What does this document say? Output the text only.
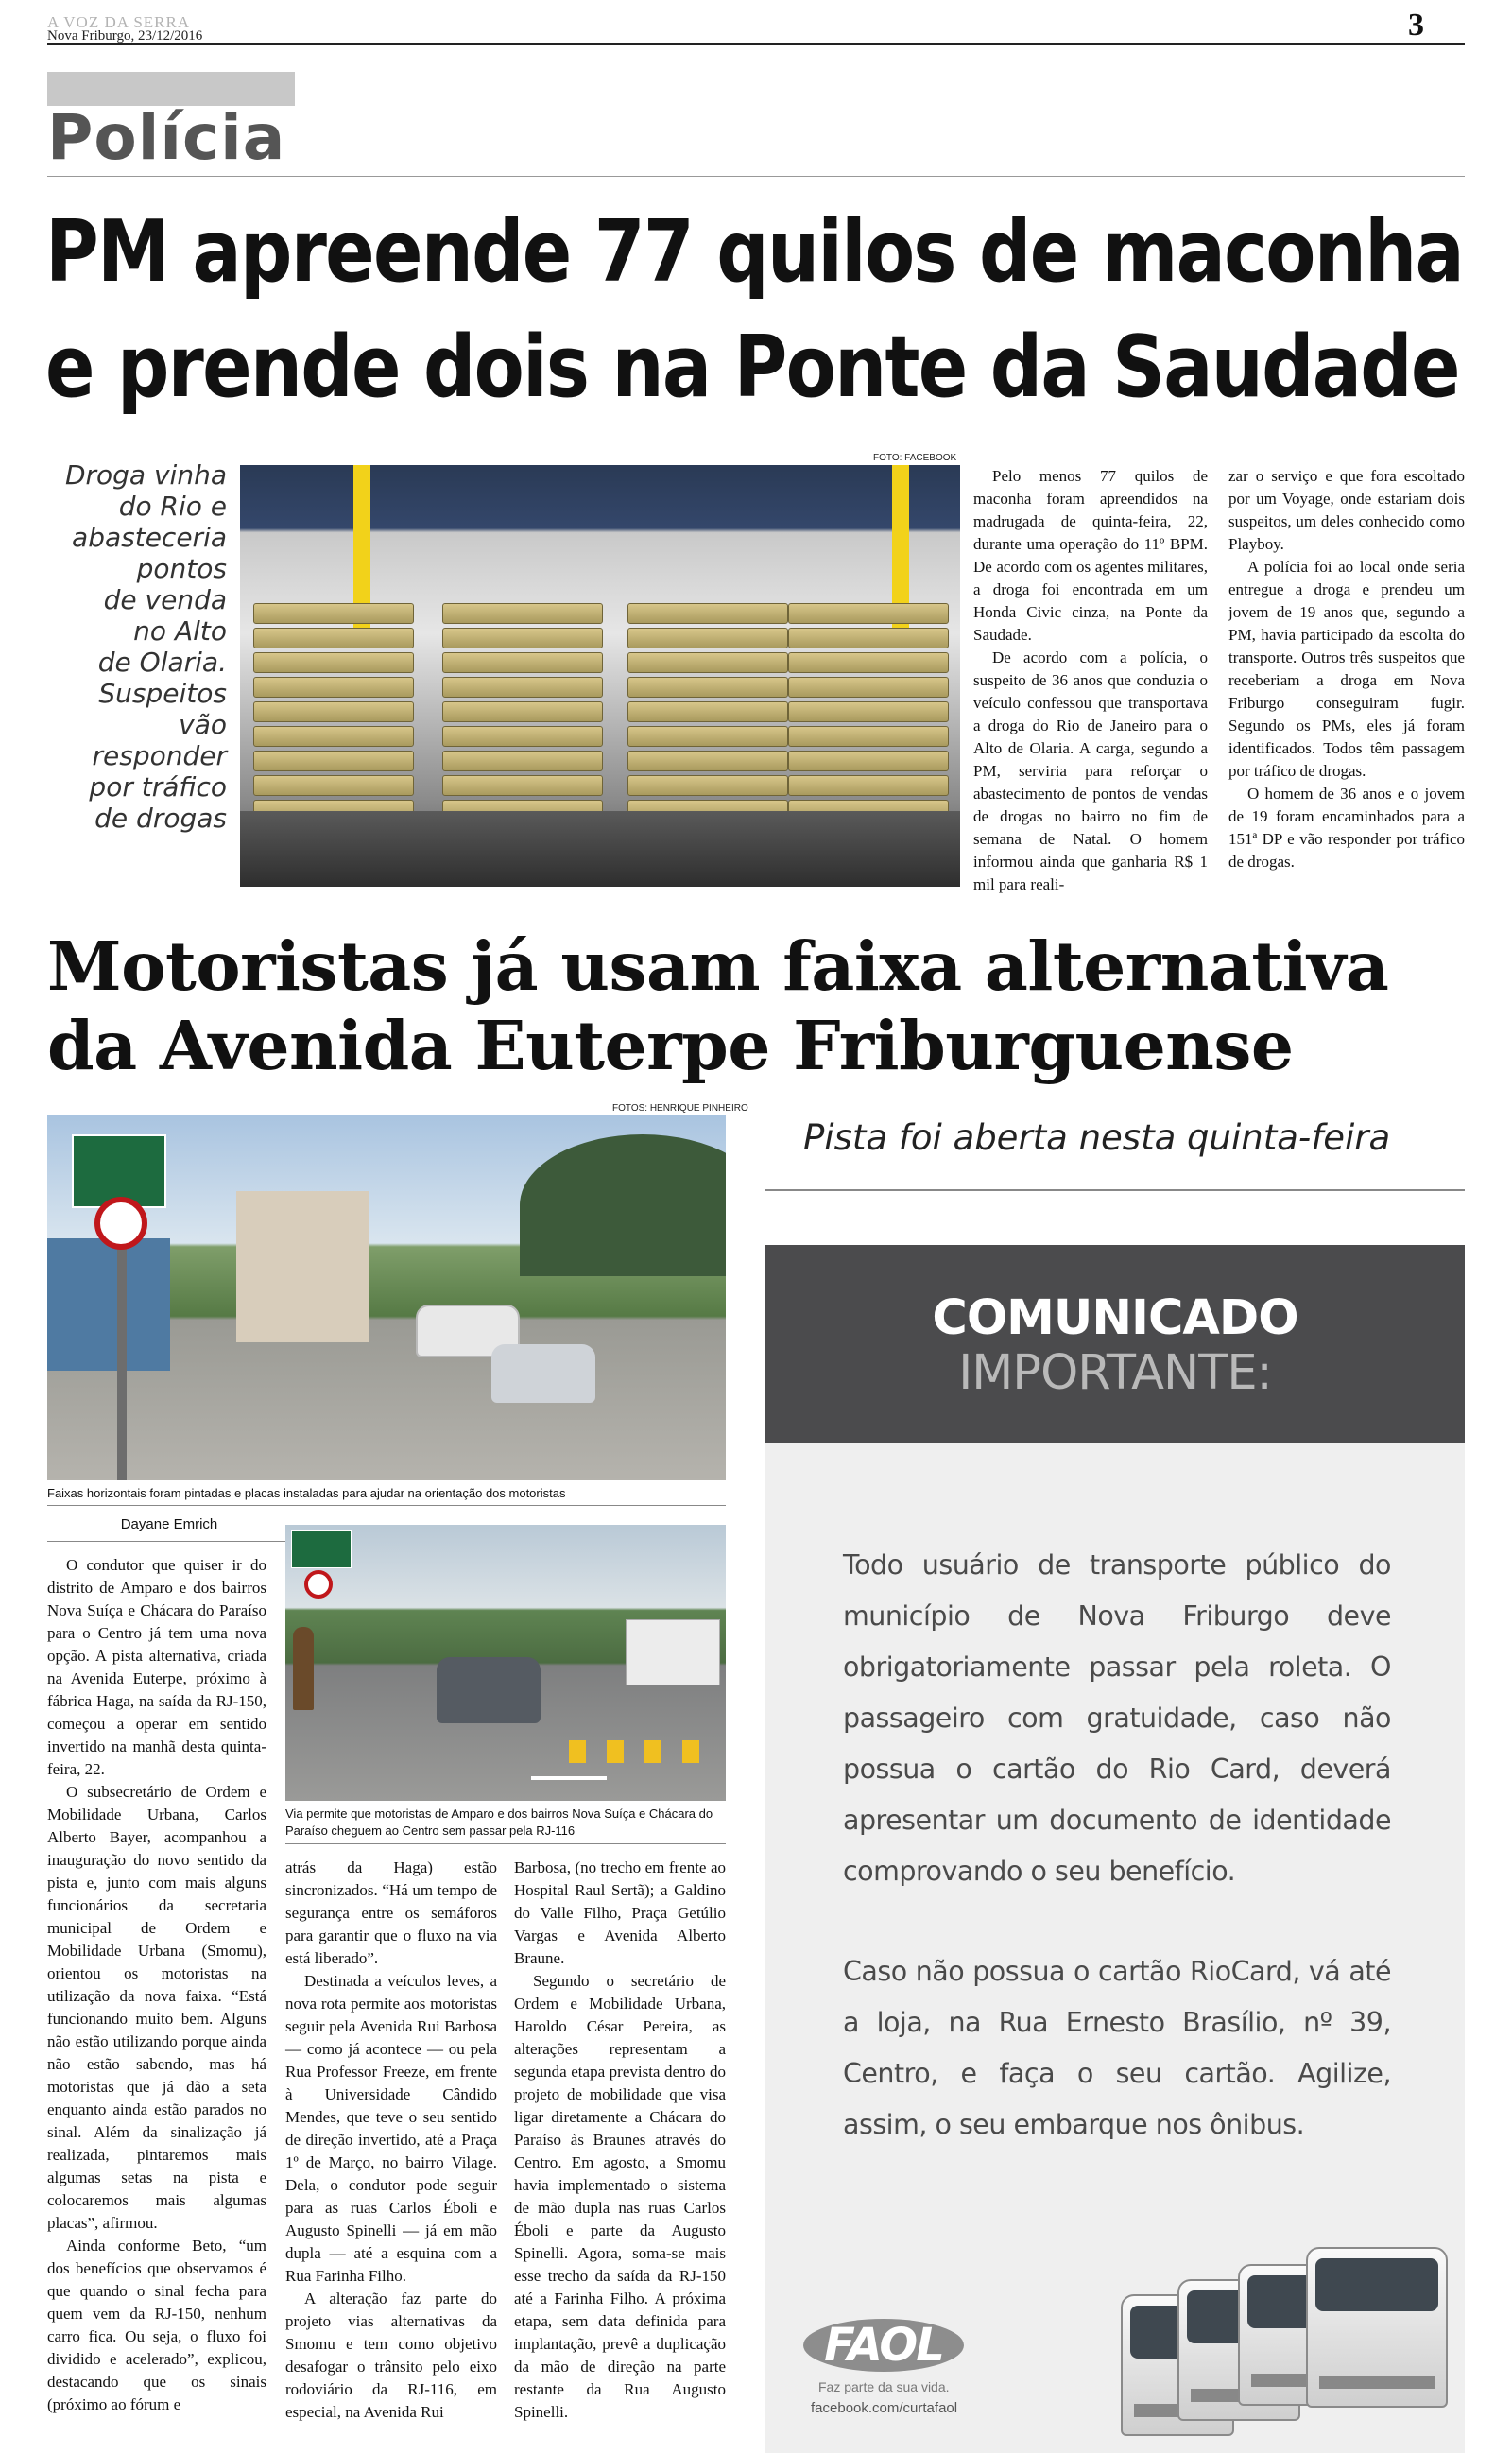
A VOZ DA SERRA
Nova Friburgo, 23/12/2016	3
Polícia
PM apreende 77 quilos de maconha
e prende dois na Ponte da Saudade
Droga vinha
do Rio e
abasteceria
pontos
de venda
no Alto
de Olaria.
Suspeitos vão
responder
por tráfico
de drogas
FOTO: FACEBOOK

Pelo menos 77 quilos de maconha foram apreendidos na madrugada de quinta-feira, 22, durante uma operação do 11º BPM. De acordo com os agentes militares, a droga foi encontrada em um Honda Civic cinza, na Ponte da Saudade.

De acordo com a polícia, o suspeito de 36 anos que conduzia o veículo confessou que transportava a droga do Rio de Janeiro para o Alto de Olaria. A carga, segundo a PM, serviria para reforçar o abastecimento de pontos de vendas de drogas no bairro no fim de semana de Natal. O homem informou ainda que ganharia R$ 1 mil para reali-

zar o serviço e que fora escoltado por um Voyage, onde estariam dois suspeitos, um deles conhecido como Playboy.

A polícia foi ao local onde seria entregue a droga e prendeu um jovem de 19 anos que, segundo a PM, havia participado da escolta do transporte. Outros três suspeitos que receberiam a droga em Nova Friburgo conseguiram fugir. Segundo os PMs, eles já foram identificados. Todos têm passagem por tráfico de drogas.

O homem de 36 anos e o jovem de 19 foram encaminhados para a 151ª DP e vão responder por tráfico de drogas.

Motoristas já usam faixa alternativa
da Avenida Euterpe Friburguense
FOTOS: HENRIQUE PINHEIRO
Faixas horizontais foram pintadas e placas instaladas para ajudar na orientação dos motoristas
Dayane Emrich
Via permite que motoristas de Amparo e dos bairros Nova Suíça e Chácara do Paraíso cheguem ao Centro sem passar pela RJ-116

O condutor que quiser ir do distrito de Amparo e dos bairros Nova Suíça e Chácara do Paraíso para o Centro já tem uma nova opção. A pista alternativa, criada na Avenida Euterpe, próximo à fábrica Haga, na saída da RJ-150, começou a operar em sentido invertido na manhã desta quinta-feira, 22.

O subsecretário de Ordem e Mobilidade Urbana, Carlos Alberto Bayer, acompanhou a inauguração do novo sentido da pista e, junto com mais alguns funcionários da secretaria municipal de Ordem e Mobilidade Urbana (Smomu), orientou os motoristas na utilização da nova faixa. “Está funcionando muito bem. Alguns não estão utilizando porque ainda não estão sabendo, mas há motoristas que já dão a seta enquanto ainda estão parados no sinal. Além da sinalização já realizada, pintaremos mais algumas setas na pista e colocaremos mais algumas placas”, afirmou.

Ainda conforme Beto, “um dos benefícios que observamos é que quando o sinal fecha para quem vem da RJ-150, nenhum carro fica. Ou seja, o fluxo foi dividido e acelerado”, explicou, destacando que os sinais (próximo ao fórum e

atrás da Haga) estão sincronizados. “Há um tempo de segurança entre os semáforos para garantir que o fluxo na via está liberado”.

Destinada a veículos leves, a nova rota permite aos motoristas seguir pela Avenida Rui Barbosa — como já acontece — ou pela Rua Professor Freeze, em frente à Universidade Cândido Mendes, que teve o seu sentido de direção invertido, até a Praça 1º de Março, no bairro Vilage. Dela, o condutor pode seguir para as ruas Carlos Éboli e Augusto Spinelli — já em mão dupla — até a esquina com a Rua Farinha Filho.

A alteração faz parte do projeto vias alternativas da Smomu e tem como objetivo desafogar o trânsito pelo eixo rodoviário da RJ-116, em especial, na Avenida Rui

Barbosa, (no trecho em frente ao Hospital Raul Sertã); a Galdino do Valle Filho, Praça Getúlio Vargas e Avenida Alberto Braune.

Segundo o secretário de Ordem e Mobilidade Urbana, Haroldo César Pereira, as alterações representam a segunda etapa prevista dentro do projeto de mobilidade que visa ligar diretamente a Chácara do Paraíso às Braunes através do Centro. Em agosto, a Smomu havia implementado o sistema de mão dupla nas ruas Carlos Éboli e parte da Augusto Spinelli. Agora, soma-se mais esse trecho da saída da RJ-150 até a Farinha Filho. A próxima etapa, sem data definida para implantação, prevê a duplicação da mão de direção na parte restante da Rua Augusto Spinelli.

Pista foi aberta nesta quinta-feira
COMUNICADO
IMPORTANTE:
Todo usuário de transporte público do município de Nova Friburgo deve obrigatoriamente passar pela roleta. O passageiro com gratuidade, caso não possua o cartão do Rio Card, deverá apresentar um documento de identidade comprovando o seu benefício.
Caso não possua o cartão RioCard, vá até a loja, na Rua Ernesto Brasílio, nº 39, Centro, e faça o seu cartão. Agilize, assim, o seu embarque nos ônibus.
FAOL
Faz parte da sua vida.
facebook.com/curtafaol
